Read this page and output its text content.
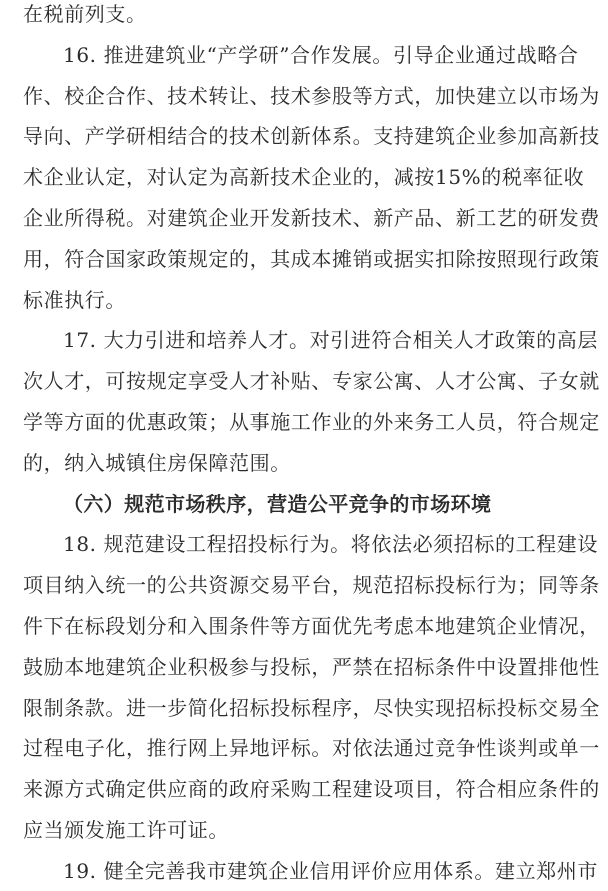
在税前列支。
16. 推进建筑业“产学研”合作发展。引导企业通过战略合
作、校企合作、技术转让、技术参股等方式，加快建立以市场为
导向、产学研相结合的技术创新体系。支持建筑企业参加高新技
术企业认定，对认定为高新技术企业的，减按15%的税率征收
企业所得税。对建筑企业开发新技术、新产品、新工艺的研发费
用，符合国家政策规定的，其成本摊销或据实扣除按照现行政策
标准执行。
17. 大力引进和培养人才。对引进符合相关人才政策的高层
次人才，可按规定享受人才补贴、专家公寓、人才公寓、子女就
学等方面的优惠政策；从事施工作业的外来务工人员，符合规定
的，纳入城镇住房保障范围。
（六）规范市场秩序，营造公平竞争的市场环境
18. 规范建设工程招投标行为。将依法必须招标的工程建设
项目纳入统一的公共资源交易平台，规范招标投标行为；同等条
件下在标段划分和入围条件等方面优先考虑本地建筑企业情况，
鼓励本地建筑企业积极参与投标，严禁在招标条件中设置排他性
限制条款。进一步简化招标投标程序，尽快实现招标投标交易全
过程电子化，推行网上异地评标。对依法通过竞争性谈判或单一
来源方式确定供应商的政府采购工程建设项目，符合相应条件的
应当颁发施工许可证。
19. 健全完善我市建筑企业信用评价应用体系。建立郑州市
